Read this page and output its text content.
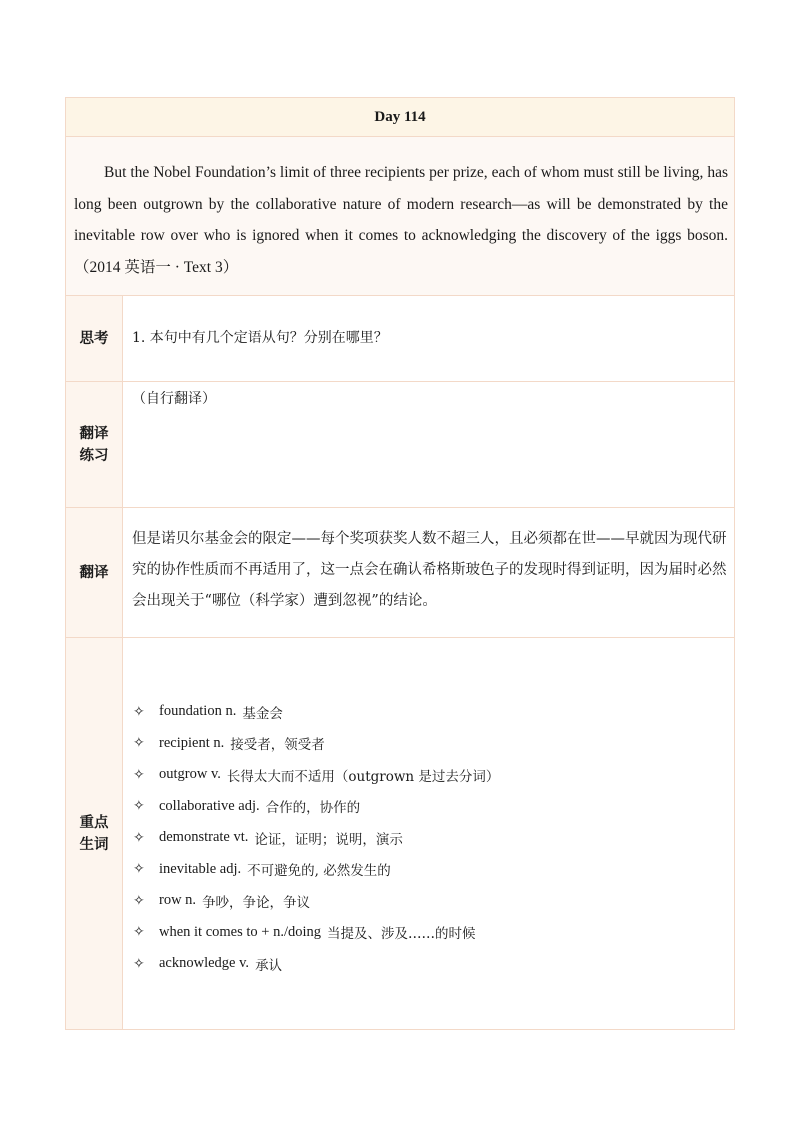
Day 114

But the Nobel Foundation’s limit of three recipients per prize, each of whom must still be living, has long been outgrown by the collaborative nature of modern research—as will be demonstrated by the inevitable row over who is ignored when it comes to acknowledging the discovery of the iggs boson.（2014 英语一 · Text 3）

思考	1. 本句中有几个定语从句？分别在哪里？
翻译练习
（自行翻译）
翻译
但是诺贝尔基金会的限定——每个奖项获奖人数不超三人，且必须都在世——早就因为现代研究的协作性质而不再适用了，这一点会在确认希格斯玻色子的发现时得到证明，因为届时必然会出现关于“哪位（科学家）遭到忽视”的结论。
重点生词
✧ foundation n. 基金会
✧ recipient n. 接受者，领受者
✧ outgrow v. 长得太大而不适用（outgrown 是过去分词）
✧ collaborative adj. 合作的，协作的
✧ demonstrate vt. 论证，证明；说明，演示
✧ inevitable adj. 不可避免的, 必然发生的
✧ row n. 争吵，争论，争议
✧ when it comes to + n./doing 当提及、涉及……的时候
✧ acknowledge v. 承认
